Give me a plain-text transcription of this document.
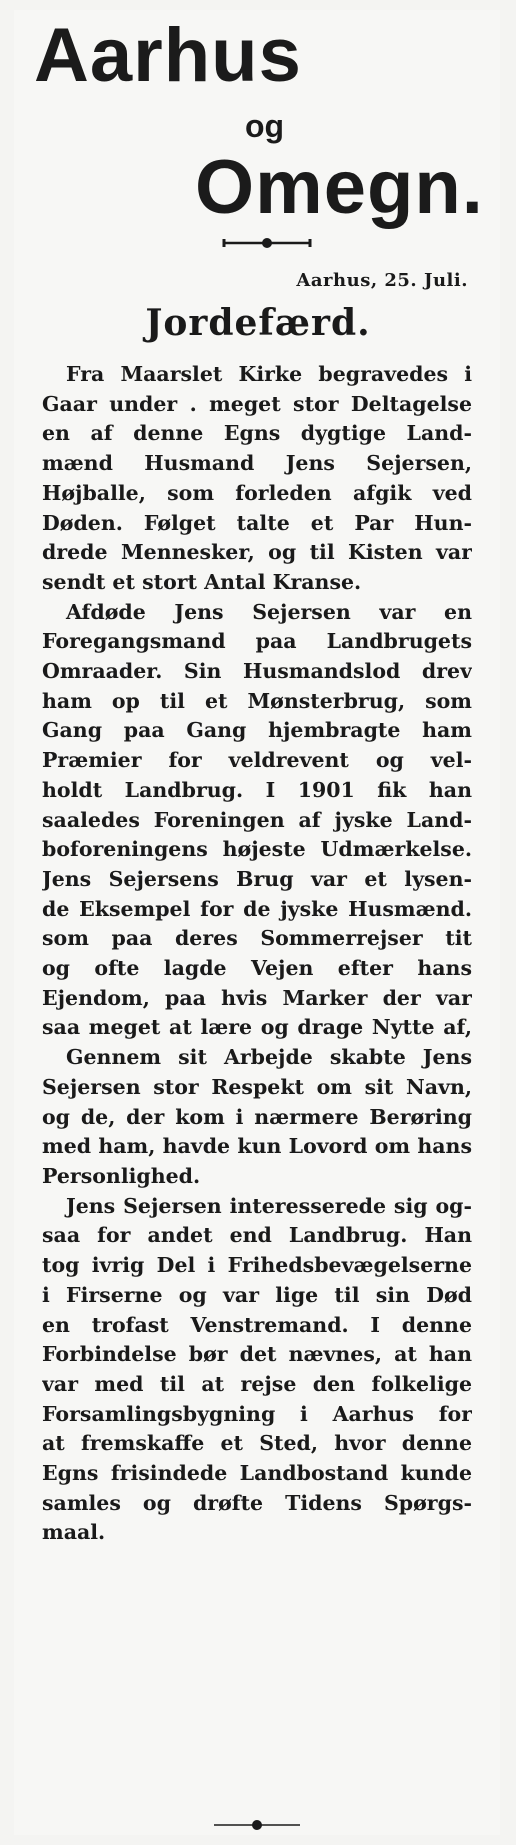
Aarhus
og
Omegn.
Aarhus, 25. Juli.
Jordefærd.
Fra Maarslet Kirke begravedes i
Gaar under . meget stor Deltagelse
en af denne Egns dygtige Land-
mænd Husmand Jens Sejersen,
Højballe, som forleden afgik ved
Døden. Følget talte et Par Hun-
drede Mennesker, og til Kisten var
sendt et stort Antal Kranse.
Afdøde Jens Sejersen var en
Foregangsmand paa Landbrugets
Omraader. Sin Husmandslod drev
ham op til et Mønsterbrug, som
Gang paa Gang hjembragte ham
Præmier for veldrevent og vel-
holdt Landbrug. I 1901 fik han
saaledes Foreningen af jyske Land-
boforeningens højeste Udmærkelse.
Jens Sejersens Brug var et lysen-
de Eksempel for de jyske Husmænd.
som paa deres Sommerrejser tit
og ofte lagde Vejen efter hans
Ejendom, paa hvis Marker der var
saa meget at lære og drage Nytte af,
Gennem sit Arbejde skabte Jens
Sejersen stor Respekt om sit Navn,
og de, der kom i nærmere Berøring
med ham, havde kun Lovord om hans
Personlighed.
Jens Sejersen interesserede sig og-
saa for andet end Landbrug. Han
tog ivrig Del i Frihedsbevægelserne
i Firserne og var lige til sin Død
en trofast Venstremand. I denne
Forbindelse bør det nævnes, at han
var med til at rejse den folkelige
Forsamlingsbygning i Aarhus for
at fremskaffe et Sted, hvor denne
Egns frisindede Landbostand kunde
samles og drøfte Tidens Spørgs-
maal.
